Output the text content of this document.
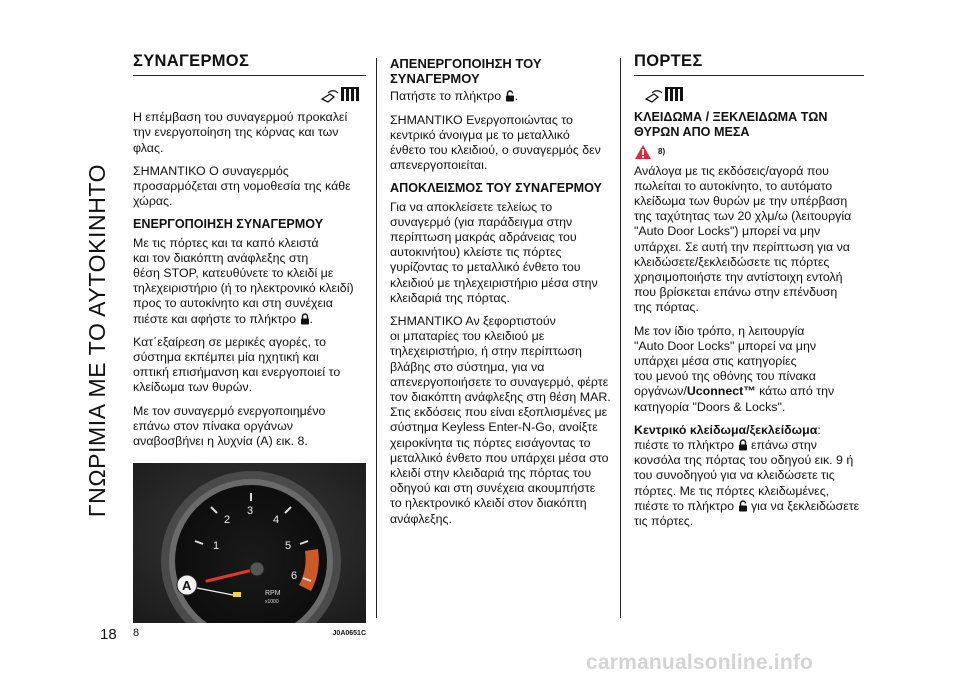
ΓΝΩΡΙΜΙΑ ΜΕ ΤΟ ΑΥΤΟΚΙΝΗΤΟ
18
ΣΥΝΑΓΕΡΜΟΣ

Η επέμβαση του συναγερμού προκαλεί
την ενεργοποίηση της κόρνας και των
φλας.

ΣΗΜΑΝΤΙΚΟ Ο συναγερμός
προσαρμόζεται στη νομοθεσία της κάθε
χώρας.

ΕΝΕΡΓΟΠΟΙΗΣΗ ΣΥΝΑΓΕΡΜΟΥ

Με τις πόρτες και τα καπό κλειστά
και τον διακόπτη ανάφλεξης στη
θέση STOP, κατευθύνετε το κλειδί με
τηλεχειριστήριο (ή το ηλεκτρονικό κλειδί)
προς το αυτοκίνητο και στη συνέχεια
πιέστε και αφήστε το πλήκτρο .

Κατ΄εξαίρεση σε μερικές αγορές, το
σύστημα εκπέμπει μία ηχητική και
οπτική επισήμανση και ενεργοποιεί το
κλείδωμα των θυρών.

Με τον συναγερμό ενεργοποιημένο
επάνω στον πίνακα οργάνων
αναβοσβήνει η λυχνία (A) εικ. 8.

1
2
3
4
5
6
RPM
x1000
A
8	J0A0651C
ΑΠΕΝΕΡΓΟΠΟΙΗΣΗ ΤΟΥ
ΣΥΝΑΓΕΡΜΟΥ

Πατήστε το πλήκτρο .

ΣΗΜΑΝΤΙΚΟ Ενεργοποιώντας το
κεντρικό άνοιγμα με το μεταλλικό
ένθετο του κλειδιού, ο συναγερμός δεν
απενεργοποιείται.

ΑΠΟΚΛΕΙΣΜΟΣ ΤΟΥ ΣΥΝΑΓΕΡΜΟΥ

Για να αποκλείσετε τελείως το
συναγερμό (για παράδειγμα στην
περίπτωση μακράς αδράνειας του
αυτοκινήτου) κλείστε τις πόρτες
γυρίζοντας το μεταλλικό ένθετο του
κλειδιού με τηλεχειριστήριο μέσα στην
κλειδαριά της πόρτας.

ΣΗΜΑΝΤΙΚΟ Αν ξεφορτιστούν
οι μπαταρίες του κλειδιού με
τηλεχειριστήριο, ή στην περίπτωση
βλάβης στο σύστημα, για να
απενεργοποιήσετε το συναγερμό, φέρτε
τον διακόπτη ανάφλεξης στη θέση MAR.
Στις εκδόσεις που είναι εξοπλισμένες με
σύστημα Keyless Enter-N-Go, ανοίξτε
χειροκίνητα τις πόρτες εισάγοντας το
μεταλλικό ένθετο που υπάρχει μέσα στο
κλειδί στην κλειδαριά της πόρτας του
οδηγού και στη συνέχεια ακουμπήστε
το ηλεκτρονικό κλειδί στον διακόπτη
ανάφλεξης.

ΠΟΡΤΕΣ
ΚΛΕΙΔΩΜΑ / ΞΕΚΛΕΙΔΩΜΑ ΤΩΝ
ΘΥΡΩΝ ΑΠΟ ΜΕΣΑ
8)

Ανάλογα με τις εκδόσεις/αγορά που
πωλείται το αυτοκίνητο, το αυτόματο
κλείδωμα των θυρών με την υπέρβαση
της ταχύτητας των 20 χλμ/ω (λειτουργία
"Auto Door Locks") μπορεί να μην
υπάρχει. Σε αυτή την περίπτωση για να
κλειδώσετε/ξεκλειδώσετε τις πόρτες
χρησιμοποιήστε την αντίστοιχη εντολή
που βρίσκεται επάνω στην επένδυση
της πόρτας.

Με τον ίδιο τρόπο, η λειτουργία
"Auto Door Locks" μπορεί να μην
υπάρχει μέσα στις κατηγορίες
του μενού της οθόνης του πίνακα
οργάνων/Uconnect™ κάτω από την
κατηγορία "Doors & Locks".

Κεντρικό κλείδωμα/ξεκλείδωμα:
πιέστε το πλήκτρο  επάνω στην
κονσόλα της πόρτας του οδηγού εικ. 9 ή
του συνοδηγού για να κλειδώσετε τις
πόρτες. Με τις πόρτες κλειδωμένες,
πιέστε το πλήκτρο  για να ξεκλειδώσετε
τις πόρτες.

carmanualsonline.info
